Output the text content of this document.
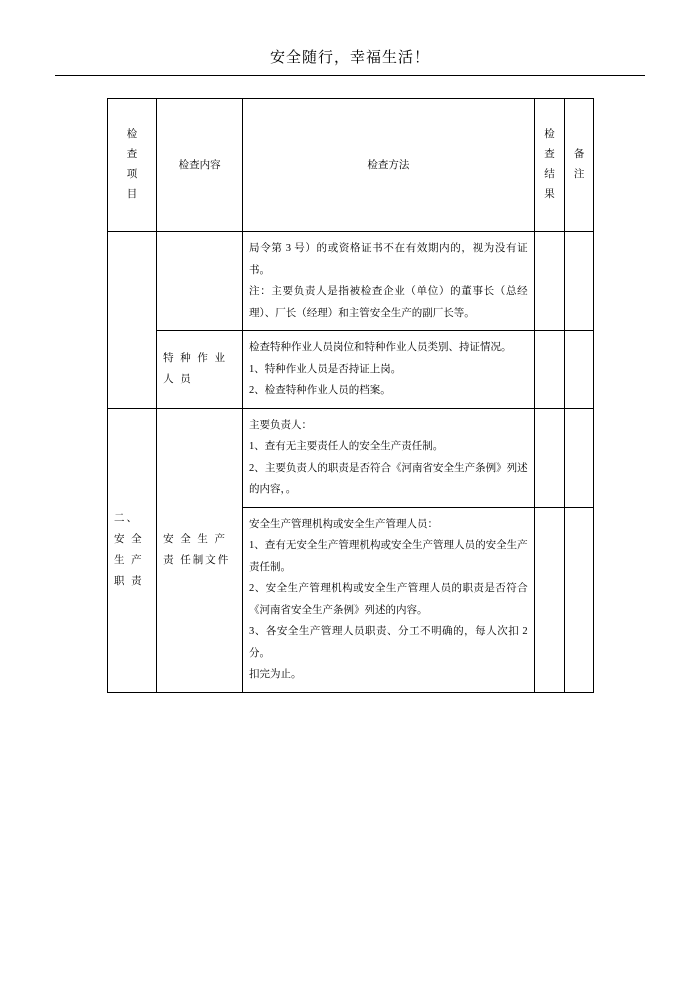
安全随行，幸福生活！
检
查
项
目	检查内容	检查方法	检
查
结
果	备
注

		局令第 3 号）的或资格证书不在有效期内的，视为没有证书。

注：主要负责人是指被检查企业（单位）的董事长（总经理）、厂长（经理）和主管安全生产的副厂长等。		

	特 种 作 业 人 员	检查特种作业人员岗位和特种作业人员类别、持证情况。

1、特种作业人员是否持证上岗。

2、检查特种作业人员的档案。		

二、安 全 生 产 职 责	安 全 生 产 责 任制文件	主要负责人：

1、查有无主要责任人的安全生产责任制。

2、主要负责人的职责是否符合《河南省安全生产条例》列述的内容，。		

		安全生产管理机构或安全生产管理人员：

1、查有无安全生产管理机构或安全生产管理人员的安全生产责任制。

2、安全生产管理机构或安全生产管理人员的职责是否符合《河南省安全生产条例》列述的内容。

3、各安全生产管理人员职责、分工不明确的，每人次扣 2 分。

扣完为止。		
